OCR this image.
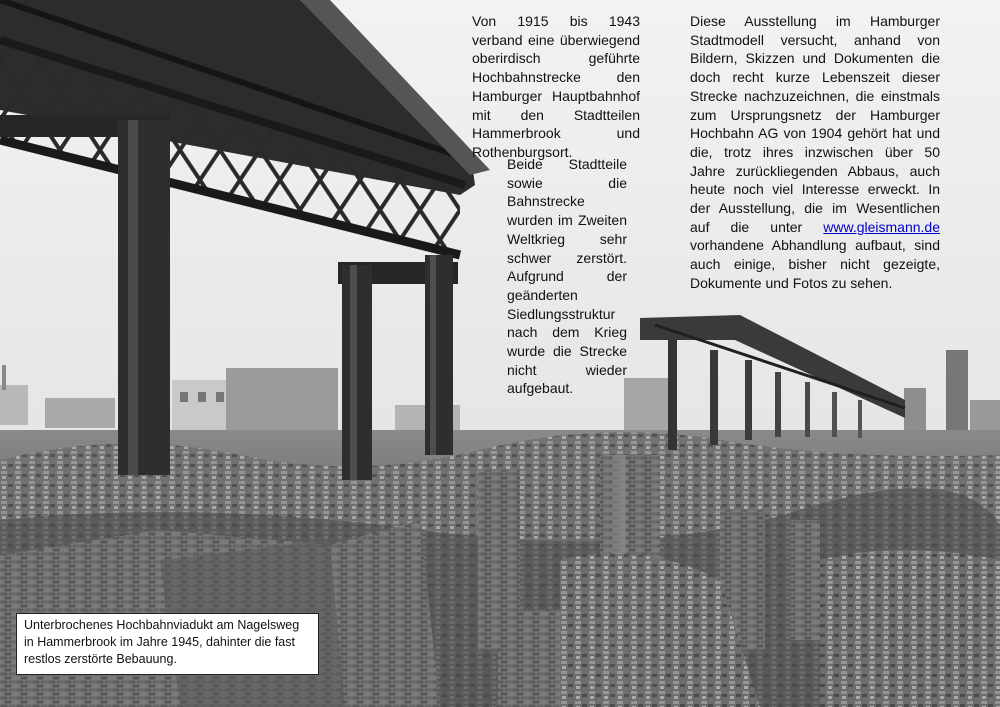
Von 1915 bis 1943 verband eine überwiegend oberirdisch geführte Hochbahnstrecke den Hamburger Hauptbahnhof mit den Stadtteilen Hammerbrook und Rothenburgsort.
Beide Stadtteile sowie die Bahnstrecke wurden im Zweiten Weltkrieg sehr schwer zerstört. Aufgrund der geänderten Siedlungsstruktur nach dem Krieg wurde die Strecke nicht wieder aufgebaut.
Diese Ausstellung im Hamburger Stadtmodell versucht, anhand von Bildern, Skizzen und Dokumenten die doch recht kurze Lebenszeit dieser Strecke nachzuzeichnen, die einstmals zum Ursprungsnetz der Hamburger Hochbahn AG von 1904 gehört hat und die, trotz ihres inzwischen über 50 Jahre zurückliegenden Abbaus, auch heute noch viel Interesse erweckt. In der Ausstellung, die im Wesentlichen auf die unter www.gleismann.de vorhandene Abhandlung aufbaut, sind auch einige, bisher nicht gezeigte, Dokumente und Fotos zu sehen.
Unterbrochenes Hochbahnviadukt am Nagelsweg in Hammerbrook im Jahre 1945, dahinter die fast restlos zerstörte Bebauung.
